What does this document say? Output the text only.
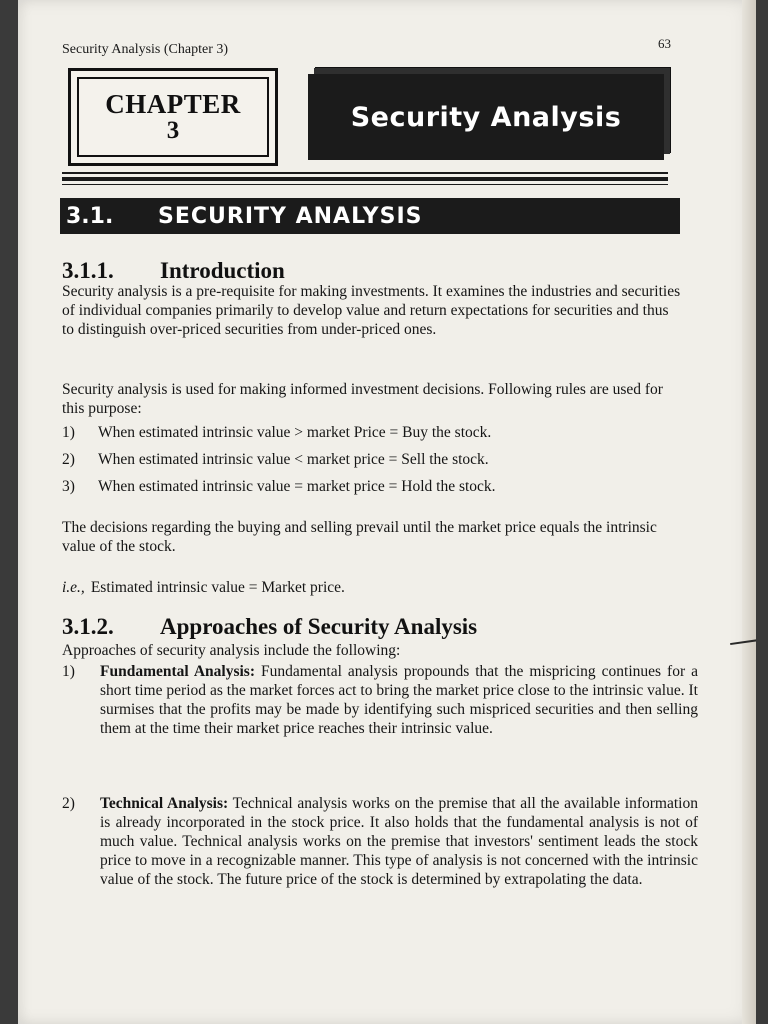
Security Analysis (Chapter 3)	63
CHAPTER
3	Security Analysis
3.1.	SECURITY ANALYSIS
3.1.1. Introduction
Security analysis is a pre-requisite for making investments. It examines the industries and securities of individual companies primarily to develop value and return expectations for securities and thus to distinguish over-priced securities from under-priced ones.
Security analysis is used for making informed investment decisions. Following rules are used for this purpose:
1) When estimated intrinsic value > market Price = Buy the stock.
2) When estimated intrinsic value < market price = Sell the stock.
3) When estimated intrinsic value = market price = Hold the stock.
The decisions regarding the buying and selling prevail until the market price equals the intrinsic value of the stock.
i.e., Estimated intrinsic value = Market price.
3.1.2. Approaches of Security Analysis
Approaches of security analysis include the following:
1)	Fundamental Analysis: Fundamental analysis propounds that the mispricing continues for a short time period as the market forces act to bring the market price close to the intrinsic value. It surmises that the profits may be made by identifying such mispriced securities and then selling them at the time their market price reaches their intrinsic value.
2)	Technical Analysis: Technical analysis works on the premise that all the available information is already incorporated in the stock price. It also holds that the fundamental analysis is not of much value. Technical analysis works on the premise that investors' sentiment leads the stock price to move in a recognizable manner. This type of analysis is not concerned with the intrinsic value of the stock. The future price of the stock is determined by extrapolating the data.
